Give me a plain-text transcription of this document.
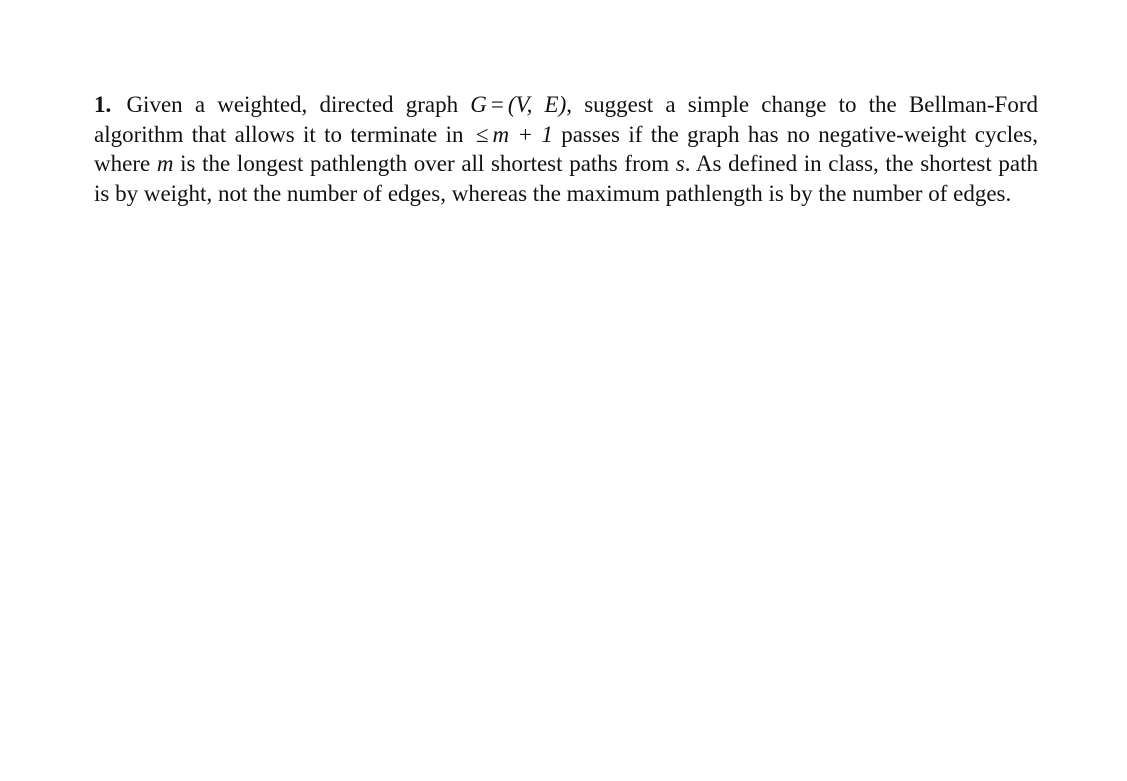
1. Given a weighted, directed graph G = (V, E), suggest a simple change to the Bellman-Ford algorithm that allows it to terminate in ≤ m + 1 passes if the graph has no negative-weight cycles, where m is the longest pathlength over all shortest paths from s. As defined in class, the shortest path is by weight, not the number of edges, whereas the maximum pathlength is by the number of edges.
